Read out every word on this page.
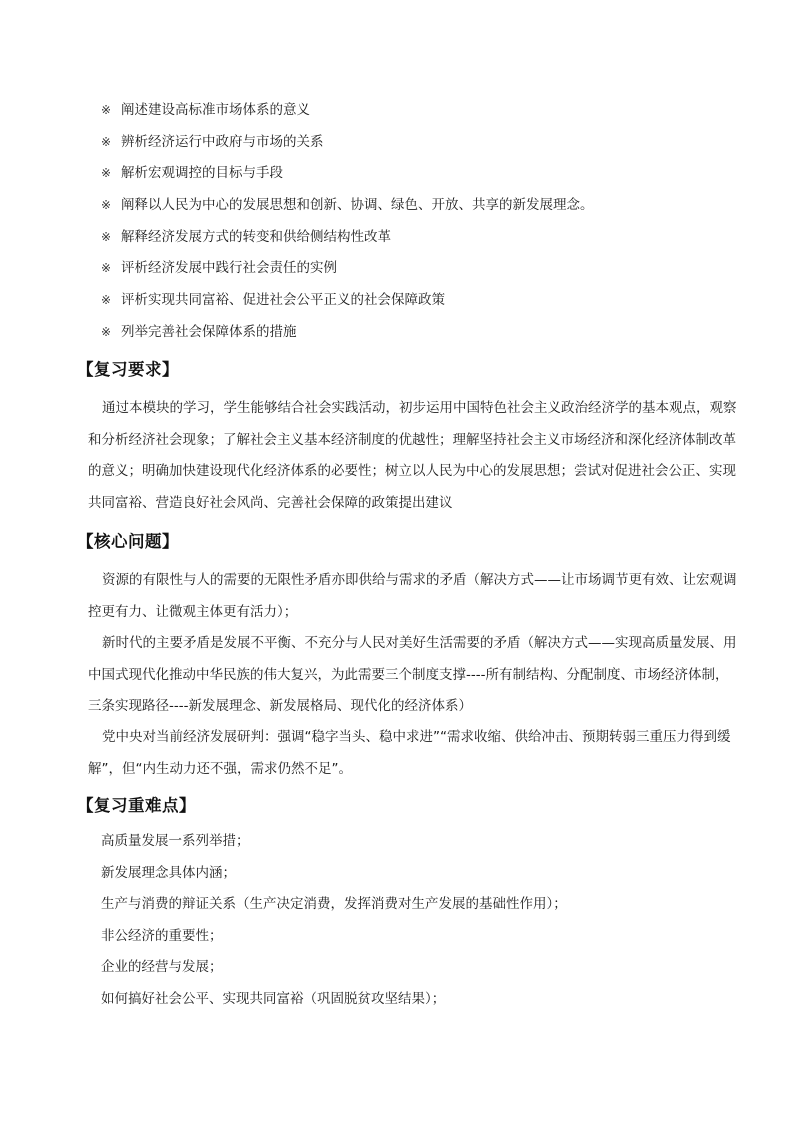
※ 阐述建设高标准市场体系的意义
※ 辨析经济运行中政府与市场的关系
※ 解析宏观调控的目标与手段
※ 阐释以人民为中心的发展思想和创新、协调、绿色、开放、共享的新发展理念。
※ 解释经济发展方式的转变和供给侧结构性改革
※ 评析经济发展中践行社会责任的实例
※ 评析实现共同富裕、促进社会公平正义的社会保障政策
※ 列举完善社会保障体系的措施
【复习要求】

通过本模块的学习，学生能够结合社会实践活动，初步运用中国特色社会主义政治经济学的基本观点，观察和分析经济社会现象；了解社会主义基本经济制度的优越性；理解坚持社会主义市场经济和深化经济体制改革的意义；明确加快建设现代化经济体系的必要性；树立以人民为中心的发展思想；尝试对促进社会公正、实现共同富裕、营造良好社会风尚、完善社会保障的政策提出建议

【核心问题】

资源的有限性与人的需要的无限性矛盾亦即供给与需求的矛盾（解决方式——让市场调节更有效、让宏观调控更有力、让微观主体更有活力）；

新时代的主要矛盾是发展不平衡、不充分与人民对美好生活需要的矛盾（解决方式——实现高质量发展、用中国式现代化推动中华民族的伟大复兴，为此需要三个制度支撑----所有制结构、分配制度、市场经济体制，三条实现路径----新发展理念、新发展格局、现代化的经济体系）

党中央对当前经济发展研判：强调“稳字当头、稳中求进”“需求收缩、供给冲击、预期转弱三重压力得到缓解”，但“内生动力还不强，需求仍然不足”。

【复习重难点】
高质量发展一系列举措；
新发展理念具体内涵；
生产与消费的辩证关系（生产决定消费，发挥消费对生产发展的基础性作用）；
非公经济的重要性；
企业的经营与发展；
如何搞好社会公平、实现共同富裕（巩固脱贫攻坚结果）；
